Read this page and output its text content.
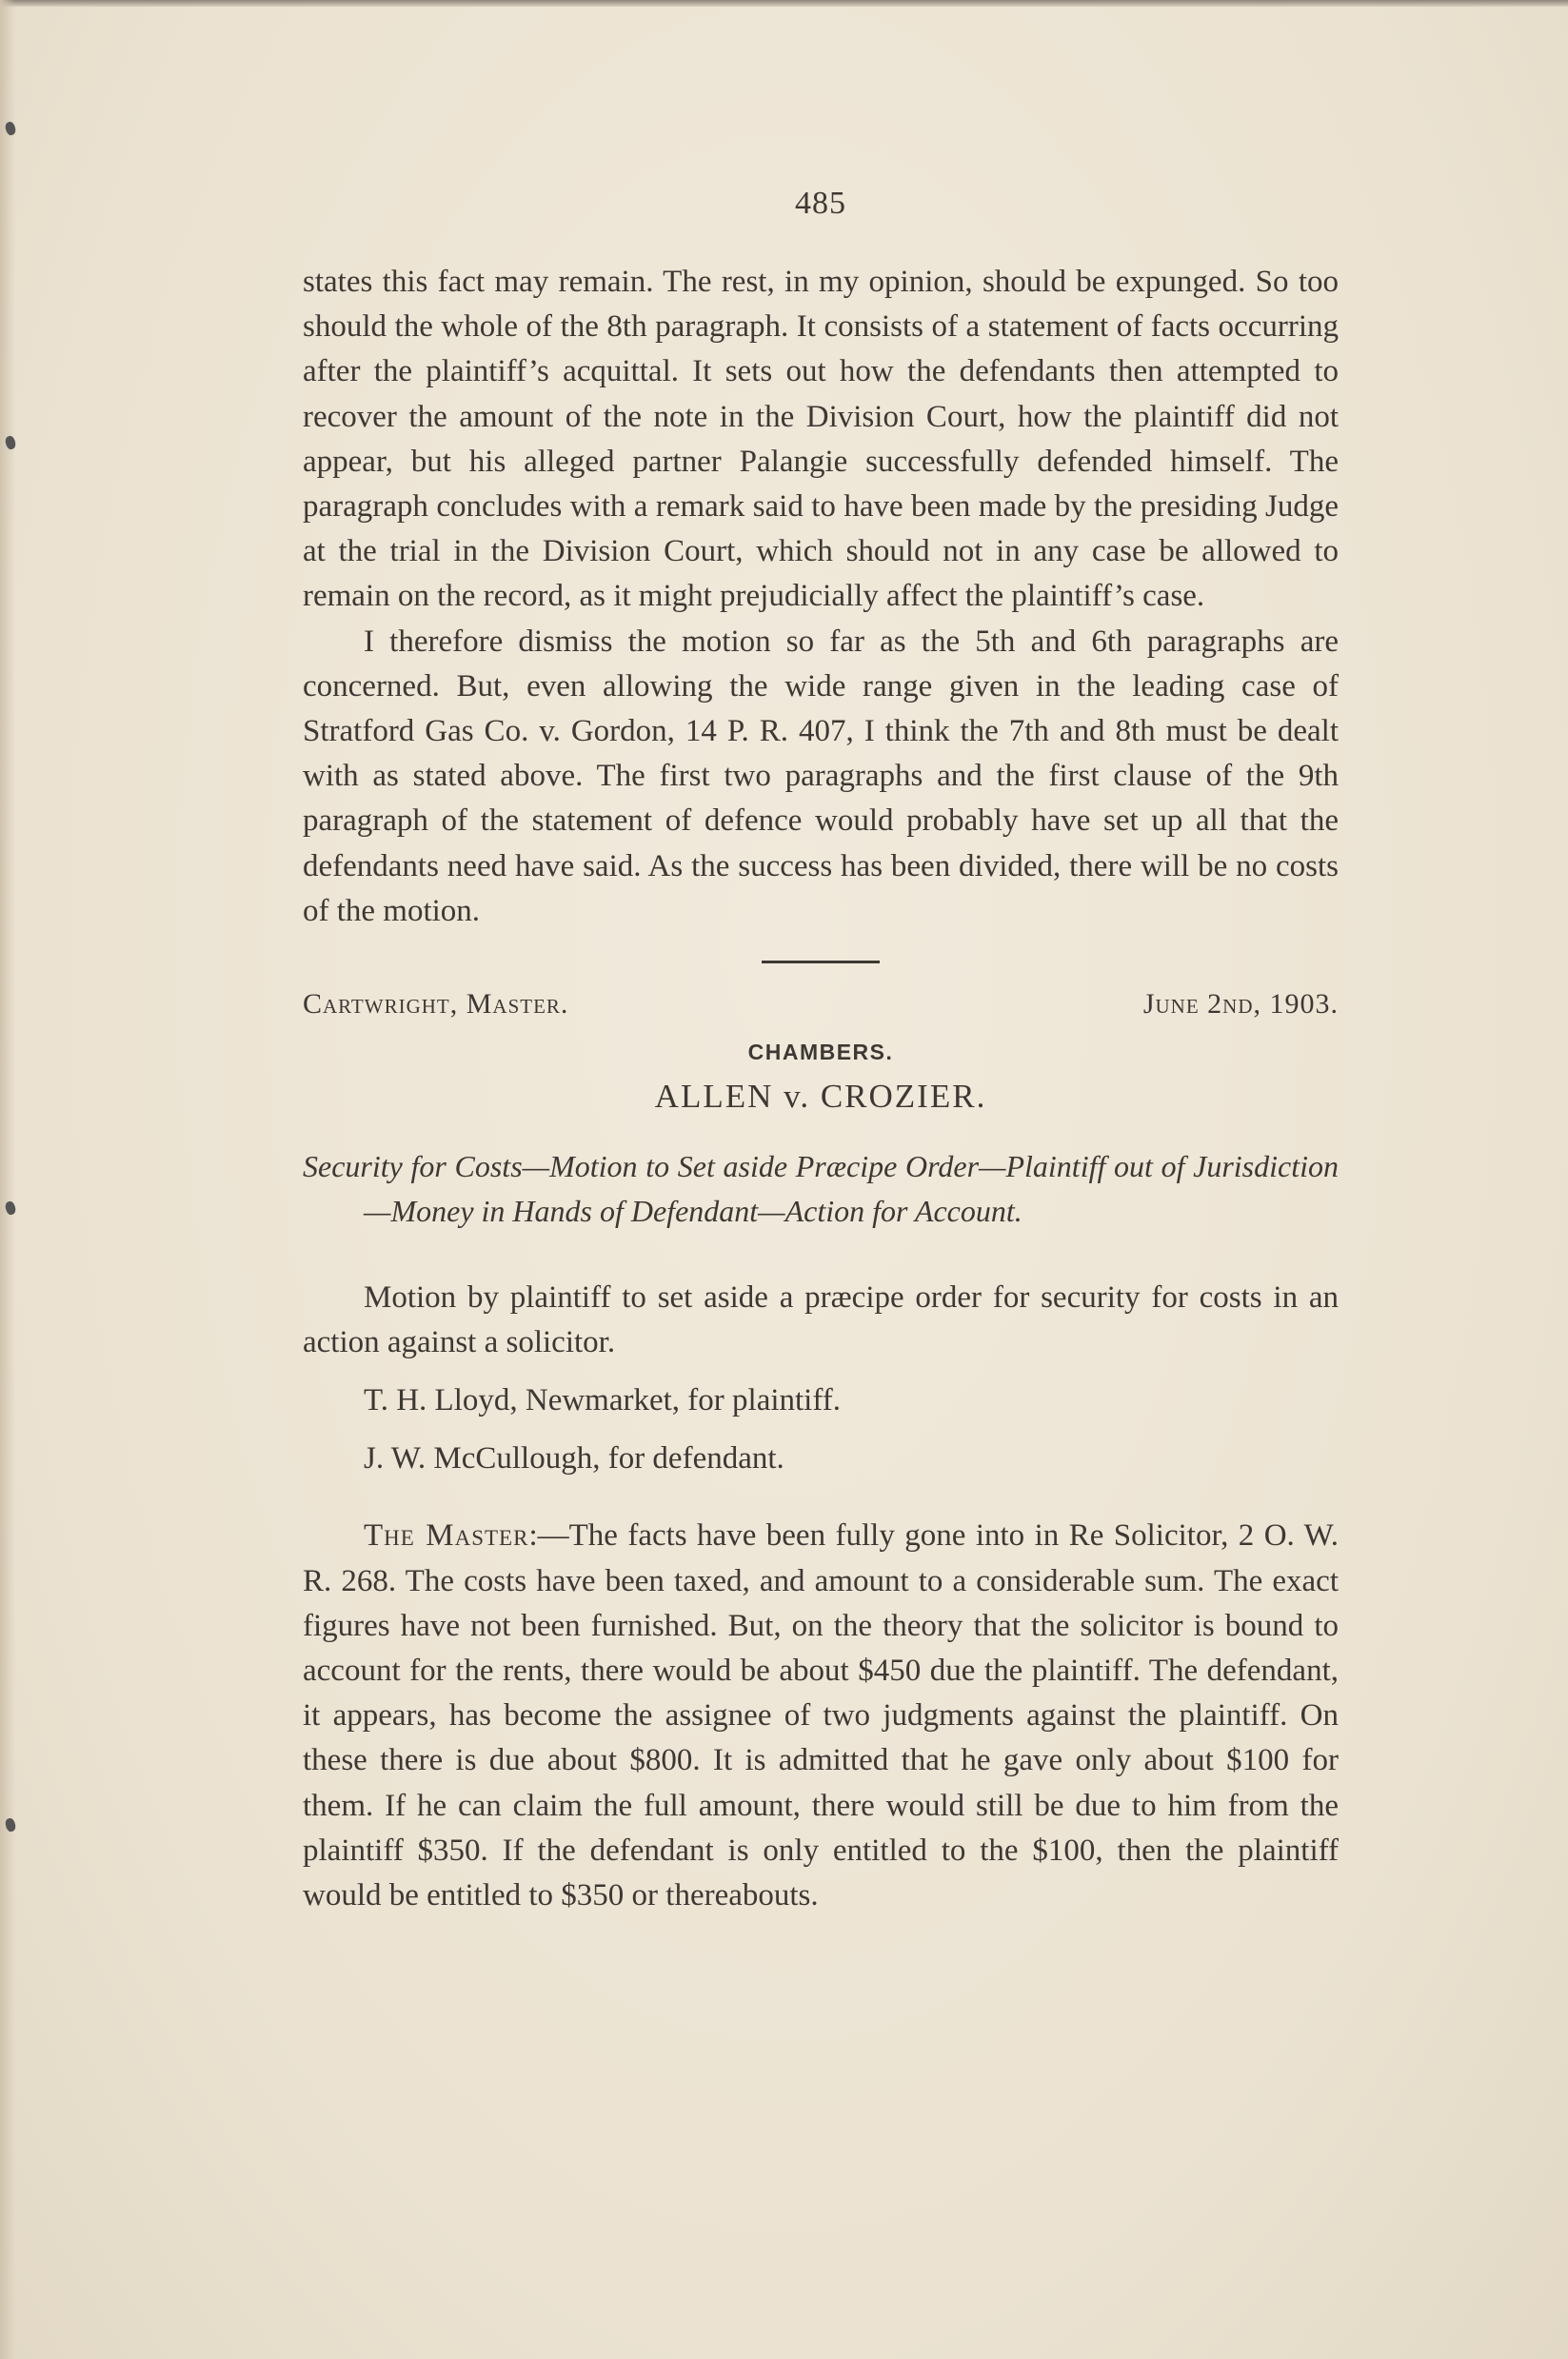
485

states this fact may remain. The rest, in my opinion, should be expunged. So too should the whole of the 8th paragraph. It consists of a statement of facts occurring after the plaintiff’s acquittal. It sets out how the defendants then attempted to recover the amount of the note in the Division Court, how the plaintiff did not appear, but his alleged partner Palangie successfully defended himself. The paragraph concludes with a remark said to have been made by the presiding Judge at the trial in the Division Court, which should not in any case be allowed to remain on the record, as it might prejudicially affect the plaintiff’s case.

I therefore dismiss the motion so far as the 5th and 6th paragraphs are concerned. But, even allowing the wide range given in the leading case of Stratford Gas Co. v. Gordon, 14 P. R. 407, I think the 7th and 8th must be dealt with as stated above. The first two paragraphs and the first clause of the 9th paragraph of the statement of defence would probably have set up all that the defendants need have said. As the success has been divided, there will be no costs of the motion.

Cartwright, Master.	June 2nd, 1903.
CHAMBERS.
ALLEN v. CROZIER.
Security for Costs—Motion to Set aside Præcipe Order—Plaintiff out of Jurisdiction—Money in Hands of Defendant—Action for Account.

Motion by plaintiff to set aside a præcipe order for security for costs in an action against a solicitor.

T. H. Lloyd, Newmarket, for plaintiff.
J. W. McCullough, for defendant.

The Master:—The facts have been fully gone into in Re Solicitor, 2 O. W. R. 268. The costs have been taxed, and amount to a considerable sum. The exact figures have not been furnished. But, on the theory that the solicitor is bound to account for the rents, there would be about $450 due the plaintiff. The defendant, it appears, has become the assignee of two judgments against the plaintiff. On these there is due about $800. It is admitted that he gave only about $100 for them. If he can claim the full amount, there would still be due to him from the plaintiff $350. If the defendant is only entitled to the $100, then the plaintiff would be entitled to $350 or thereabouts.
